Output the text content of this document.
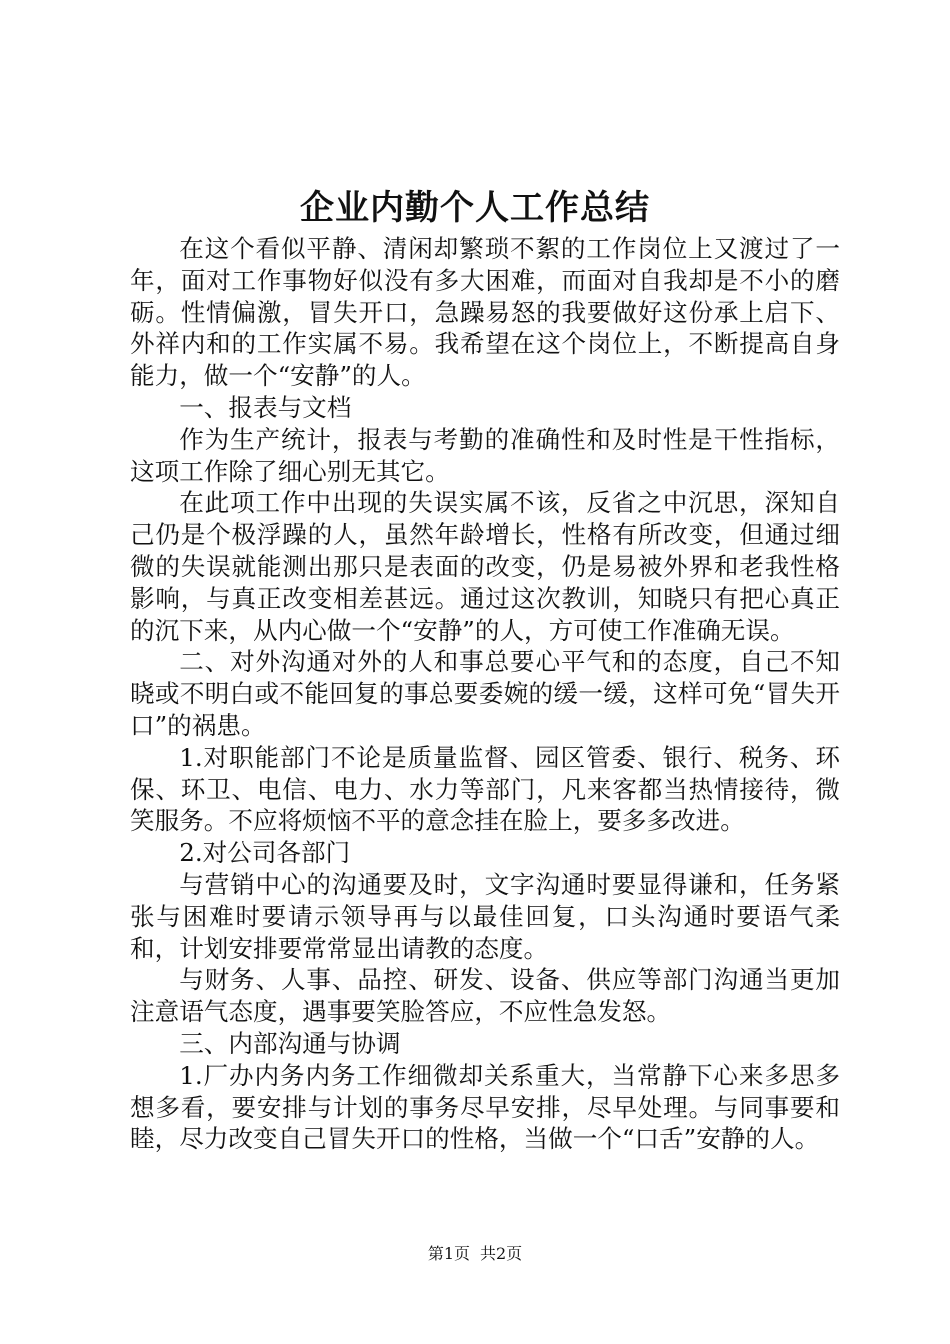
企业内勤个人工作总结

在这个看似平静、清闲却繁琐不絮的工作岗位上又渡过了一年，面对工作事物好似没有多大困难，而面对自我却是不小的磨砺。性情偏激，冒失开口，急躁易怒的我要做好这份承上启下、外祥内和的工作实属不易。我希望在这个岗位上，不断提高自身能力，做一个“安静”的人。

一、报表与文档

作为生产统计，报表与考勤的准确性和及时性是干性指标，这项工作除了细心别无其它。

在此项工作中出现的失误实属不该，反省之中沉思，深知自己仍是个极浮躁的人，虽然年龄增长，性格有所改变，但通过细微的失误就能测出那只是表面的改变，仍是易被外界和老我性格影响，与真正改变相差甚远。通过这次教训，知晓只有把心真正的沉下来，从内心做一个“安静”的人，方可使工作准确无误。

二、对外沟通对外的人和事总要心平气和的态度，自己不知晓或不明白或不能回复的事总要委婉的缓一缓，这样可免“冒失开口”的祸患。

1.对职能部门不论是质量监督、园区管委、银行、税务、环保、环卫、电信、电力、水力等部门，凡来客都当热情接待，微笑服务。不应将烦恼不平的意念挂在脸上，要多多改进。

2.对公司各部门

与营销中心的沟通要及时，文字沟通时要显得谦和，任务紧张与困难时要请示领导再与以最佳回复，口头沟通时要语气柔和，计划安排要常常显出请教的态度。

与财务、人事、品控、研发、设备、供应等部门沟通当更加注意语气态度，遇事要笑脸答应，不应性急发怒。

三、内部沟通与协调

1.厂办内务内务工作细微却关系重大，当常静下心来多思多想多看，要安排与计划的事务尽早安排，尽早处理。与同事要和睦，尽力改变自己冒失开口的性格，当做一个“口舌”安静的人。

第1页 共2页
